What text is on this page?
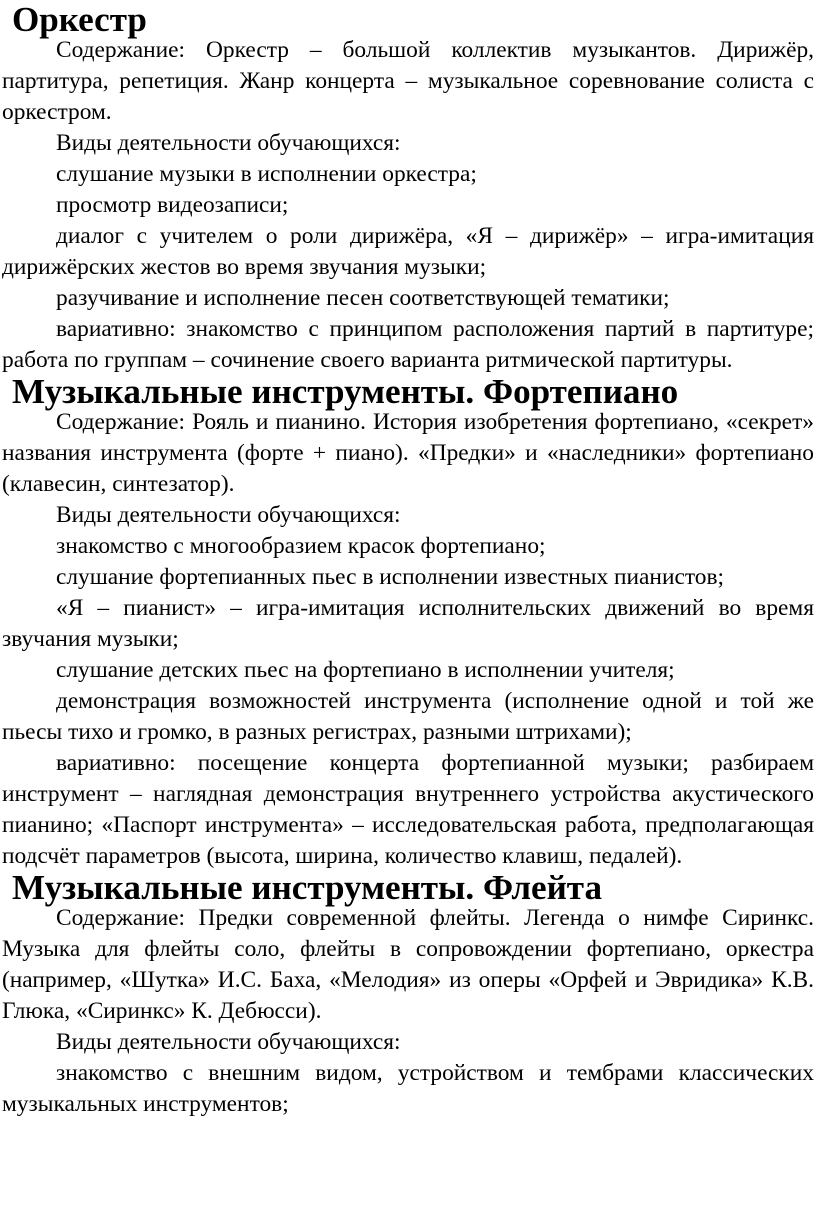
Оркестр

Содержание: Оркестр – большой коллектив музыкантов. Дирижёр, партитура, репетиция. Жанр концерта – музыкальное соревнование солиста с оркестром.

Виды деятельности обучающихся:

слушание музыки в исполнении оркестра;

просмотр видеозаписи;

диалог с учителем о роли дирижёра, «Я – дирижёр» – игра-имитация дирижёрских жестов во время звучания музыки;

разучивание и исполнение песен соответствующей тематики;

вариативно: знакомство с принципом расположения партий в партитуре; работа по группам – сочинение своего варианта ритмической партитуры.

Музыкальные инструменты. Фортепиано

Содержание: Рояль и пианино. История изобретения фортепиано, «секрет» названия инструмента (форте + пиано). «Предки» и «наследники» фортепиано (клавесин, синтезатор).

Виды деятельности обучающихся:

знакомство с многообразием красок фортепиано;

слушание фортепианных пьес в исполнении известных пианистов;

«Я – пианист» – игра-имитация исполнительских движений во время звучания музыки;

слушание детских пьес на фортепиано в исполнении учителя;

демонстрация возможностей инструмента (исполнение одной и той же пьесы тихо и громко, в разных регистрах, разными штрихами);

вариативно: посещение концерта фортепианной музыки; разбираем инструмент – наглядная демонстрация внутреннего устройства акустического пианино; «Паспорт инструмента» – исследовательская работа, предполагающая подсчёт параметров (высота, ширина, количество клавиш, педалей).

Музыкальные инструменты. Флейта

Содержание: Предки современной флейты. Легенда о нимфе Сиринкс. Музыка для флейты соло, флейты в сопровождении фортепиано, оркестра (например, «Шутка» И.С. Баха, «Мелодия» из оперы «Орфей и Эвридика» К.В. Глюка, «Сиринкс» К. Дебюсси).

Виды деятельности обучающихся:

знакомство с внешним видом, устройством и тембрами классических музыкальных инструментов;
